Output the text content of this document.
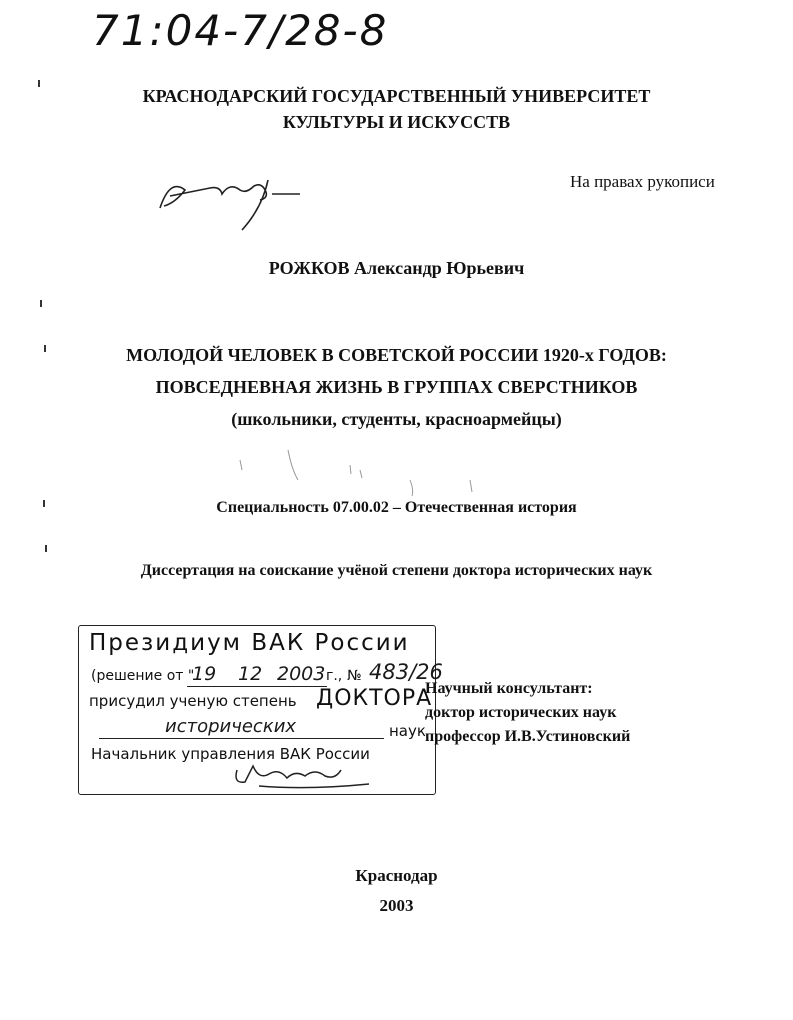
71:04-7/28-8
КРАСНОДАРСКИЙ ГОСУДАРСТВЕННЫЙ УНИВЕРСИТЕТ
КУЛЬТУРЫ И ИСКУССТВ
На правах рукописи
РОЖКОВ Александр Юрьевич
МОЛОДОЙ ЧЕЛОВЕК В СОВЕТСКОЙ РОССИИ 1920-х ГОДОВ:
ПОВСЕДНЕВНАЯ ЖИЗНЬ В ГРУППАХ СВЕРСТНИКОВ
(школьники, студенты, красноармейцы)
Специальность 07.00.02 – Отечественная история
Диссертация на соискание учёной степени доктора исторических наук
Президиум ВАК России
(решение от "
19 12 2003 г., № 483/26
присудил ученую степень ДОКТОРА
исторических	наук
Начальник управления ВАК России
Научный консультант:
доктор исторических наук
профессор И.В.Устиновский
Краснодар
2003
